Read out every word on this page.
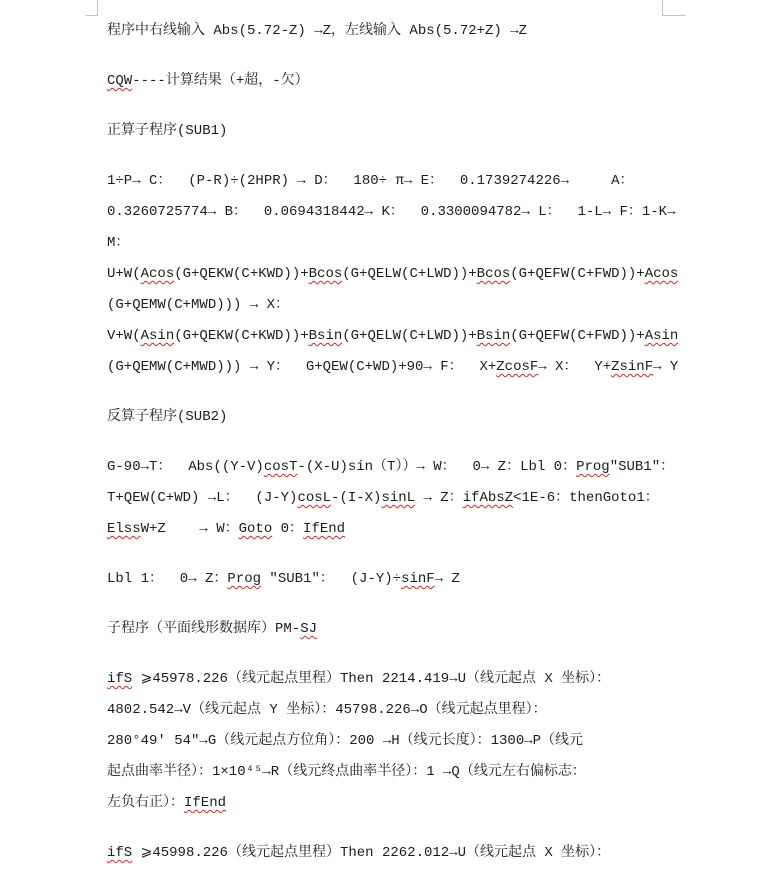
程序中右线输入 Abs(5.72-Z) →Z，左线输入 Abs(5.72+Z) →Z
CQW----计算结果（+超，-欠）
正算子程序(SUB1)
1÷P→ C：  (P-R)÷(2HPR) → D：  180÷ π→ E：  0.1739274226→     A：
0.3260725774→ B：  0.0694318442→ K：  0.3300094782→ L：  1-L→ F：1-K→
M：
U+W(Acos(G+QEKW(C+KWD))+Bcos(G+QELW(C+LWD))+Bcos(G+QEFW(C+FWD))+Acos
(G+QEMW(C+MWD))) → X：
V+W(Asin(G+QEKW(C+KWD))+Bsin(G+QELW(C+LWD))+Bsin(G+QEFW(C+FWD))+Asin
(G+QEMW(C+MWD))) → Y：  G+QEW(C+WD)+90→ F：  X+ZcosF→ X：  Y+ZsinF→ Y
反算子程序(SUB2)
G-90→T：  Abs((Y-V)cosT-(X-U)sin（T））→ W：  0→ Z：Lbl 0：Prog"SUB1"：
T+QEW(C+WD) →L：  (J-Y)cosL-(I-X)sinL → Z：ifAbsZ<1E-6：thenGoto1：
ElssW+Z    → W：Goto 0：IfEnd
Lbl 1：  0→ Z：Prog "SUB1"：  (J-Y)÷sinF→ Z
子程序（平面线形数据库）PM-SJ
ifS ⩾45978.226（线元起点里程）Then 2214.419→U（线元起点 X 坐标）：
4802.542→V（线元起点 Y 坐标）：45798.226→O（线元起点里程）：
280°49′ 54″→G（线元起点方位角）：200 →H（线元长度）：1300→P（线元
起点曲率半径）：1×10⁴⁵→R（线元终点曲率半径）：1 →Q（线元左右偏标志：
左负右正）：IfEnd
ifS ⩾45998.226（线元起点里程）Then 2262.012→U（线元起点 X 坐标）：
